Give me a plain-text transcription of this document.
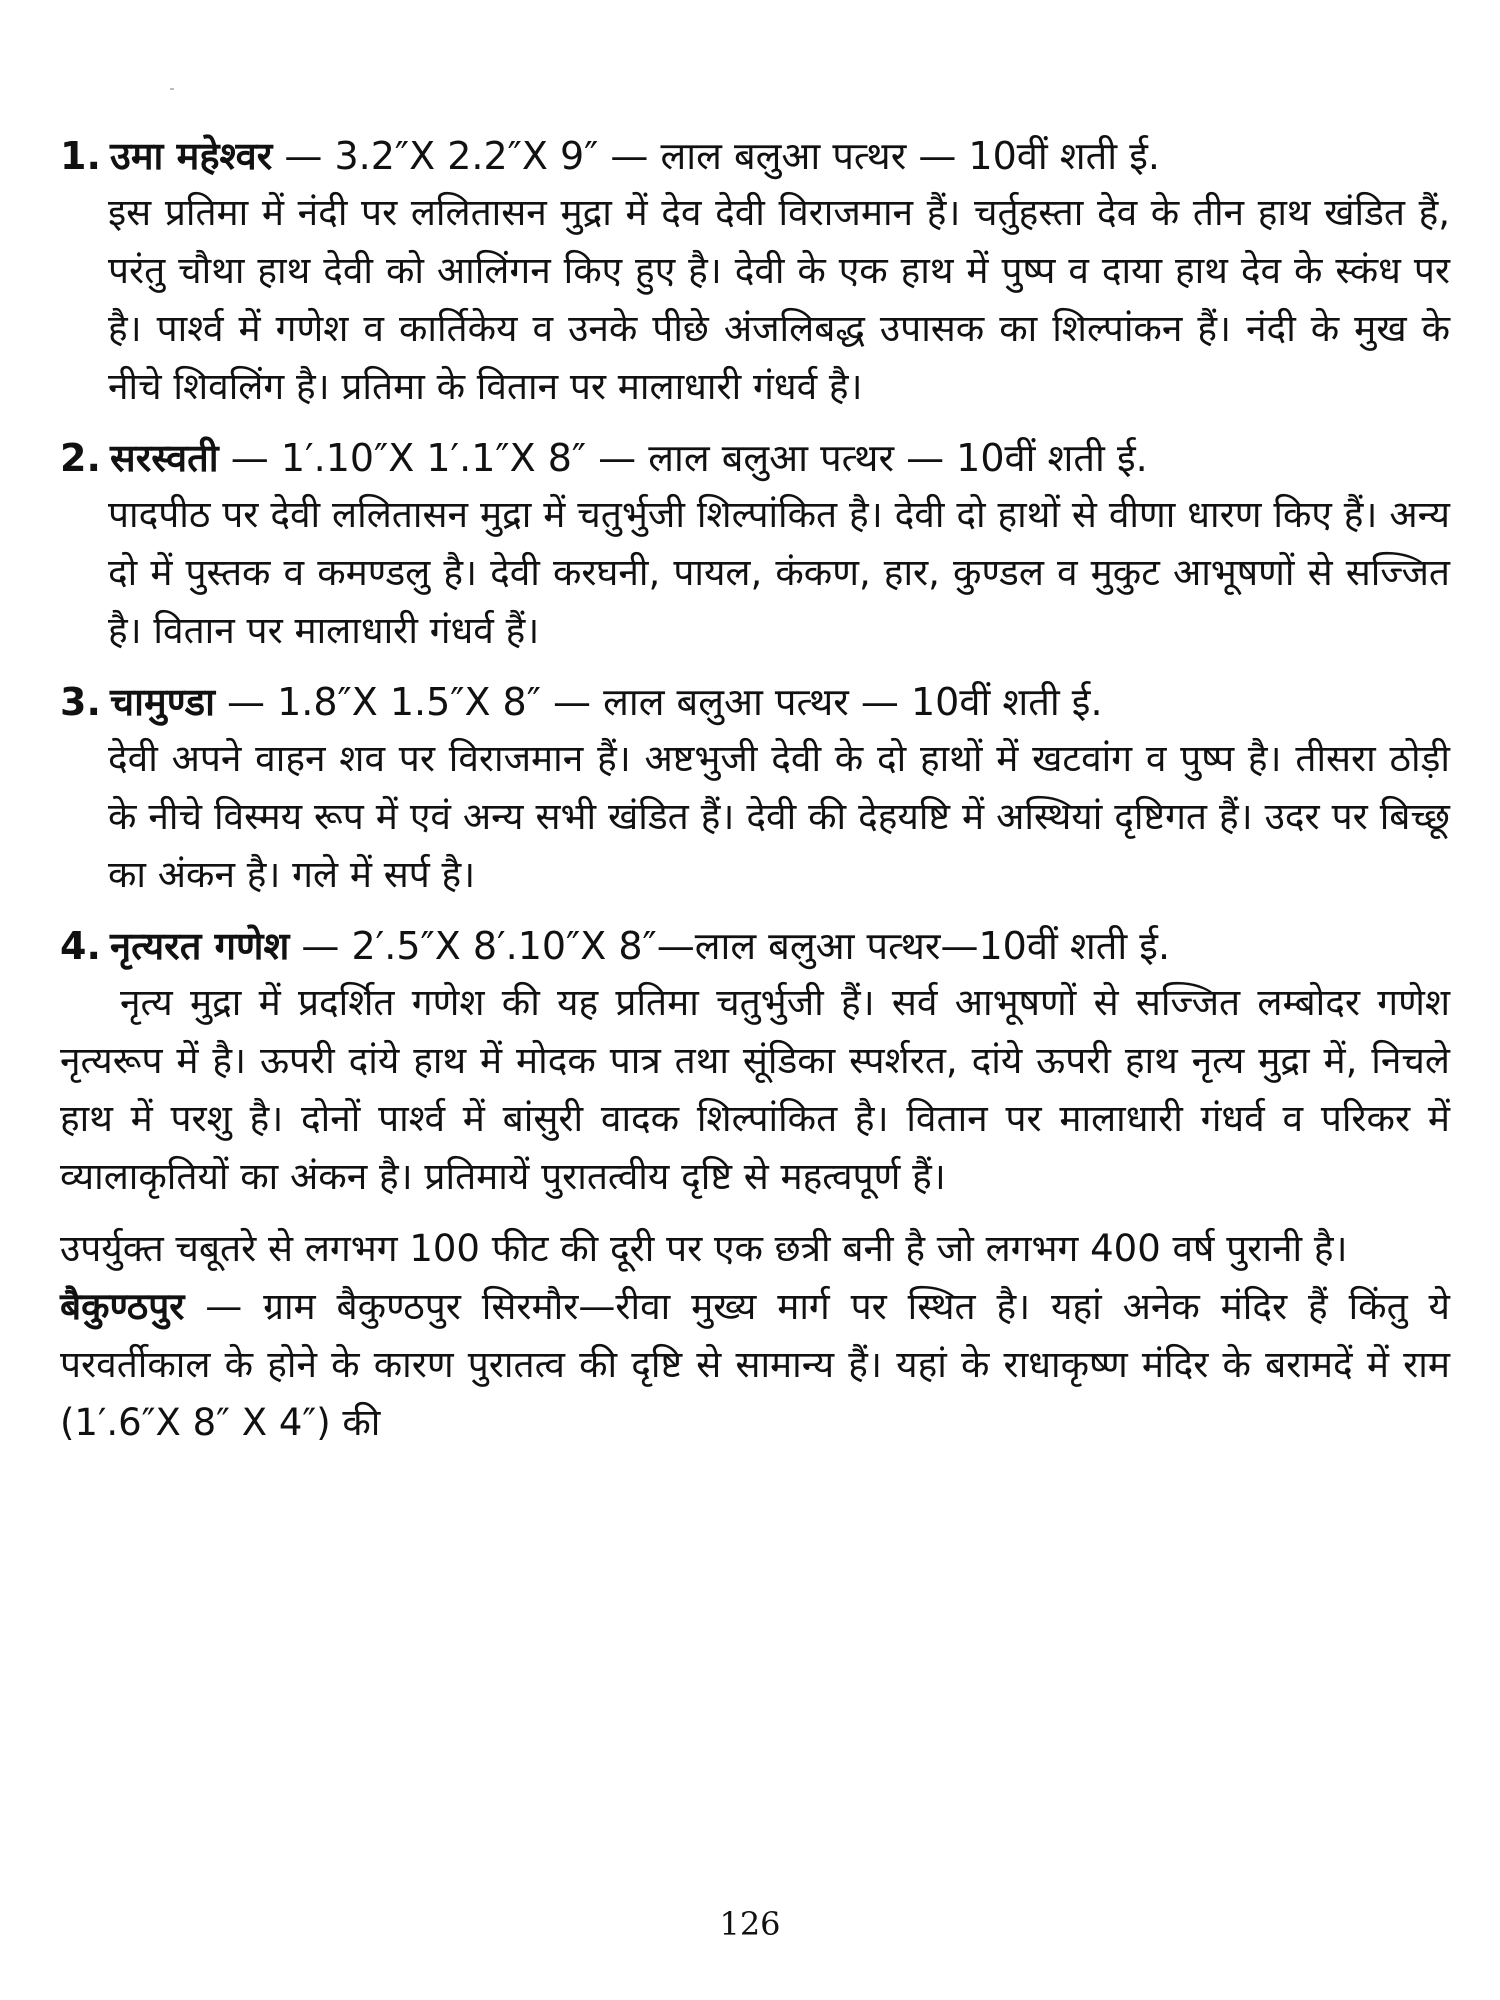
1. उमा महेश्वर — 3.2″X 2.2″X 9″ — लाल बलुआ पत्थर — 10वीं शती ई.

इस प्रतिमा में नंदी पर ललितासन मुद्रा में देव देवी विराजमान हैं। चर्तुहस्ता देव के तीन हाथ खंडित हैं, परंतु चौथा हाथ देवी को आलिंगन किए हुए है। देवी के एक हाथ में पुष्प व दाया हाथ देव के स्कंध पर है। पार्श्व में गणेश व कार्तिकेय व उनके पीछे अंजलिबद्ध उपासक का शिल्पांकन हैं। नंदी के मुख के नीचे शिवलिंग है। प्रतिमा के वितान पर मालाधारी गंधर्व है।

2. सरस्वती — 1′.10″X 1′.1″X 8″ — लाल बलुआ पत्थर — 10वीं शती ई.

पादपीठ पर देवी ललितासन मुद्रा में चतुर्भुजी शिल्पांकित है। देवी दो हाथों से वीणा धारण किए हैं। अन्य दो में पुस्तक व कमण्डलु है। देवी करघनी, पायल, कंकण, हार, कुण्डल व मुकुट आभूषणों से सज्जित है। वितान पर मालाधारी गंधर्व हैं।

3. चामुण्डा — 1.8″X 1.5″X 8″ — लाल बलुआ पत्थर — 10वीं शती ई.

देवी अपने वाहन शव पर विराजमान हैं। अष्टभुजी देवी के दो हाथों में खटवांग व पुष्प है। तीसरा ठोड़ी के नीचे विस्मय रूप में एवं अन्य सभी खंडित हैं। देवी की देहयष्टि में अस्थियां दृष्टिगत हैं। उदर पर बिच्छू का अंकन है। गले में सर्प है।

4. नृत्यरत गणेश — 2′.5″X 8′.10″X 8″—लाल बलुआ पत्थर—10वीं शती ई.

नृत्य मुद्रा में प्रदर्शित गणेश की यह प्रतिमा चतुर्भुजी हैं। सर्व आभूषणों से सज्जित लम्बोदर गणेश नृत्यरूप में है। ऊपरी दांये हाथ में मोदक पात्र तथा सूंडिका स्पर्शरत, दांये ऊपरी हाथ नृत्य मुद्रा में, निचले हाथ में परशु है। दोनों पार्श्व में बांसुरी वादक शिल्पांकित है। वितान पर मालाधारी गंधर्व व परिकर में व्यालाकृतियों का अंकन है। प्रतिमायें पुरातत्वीय दृष्टि से महत्वपूर्ण हैं।

उपर्युक्त चबूतरे से लगभग 100 फीट की दूरी पर एक छत्री बनी है जो लगभग 400 वर्ष पुरानी है।

बैकुण्ठपुर — ग्राम बैकुण्ठपुर सिरमौर—रीवा मुख्य मार्ग पर स्थित है। यहां अनेक मंदिर हैं किंतु ये परवर्तीकाल के होने के कारण पुरातत्व की दृष्टि से सामान्य हैं। यहां के राधाकृष्ण मंदिर के बरामदें में राम (1′.6″X 8″ X 4″) की

126
